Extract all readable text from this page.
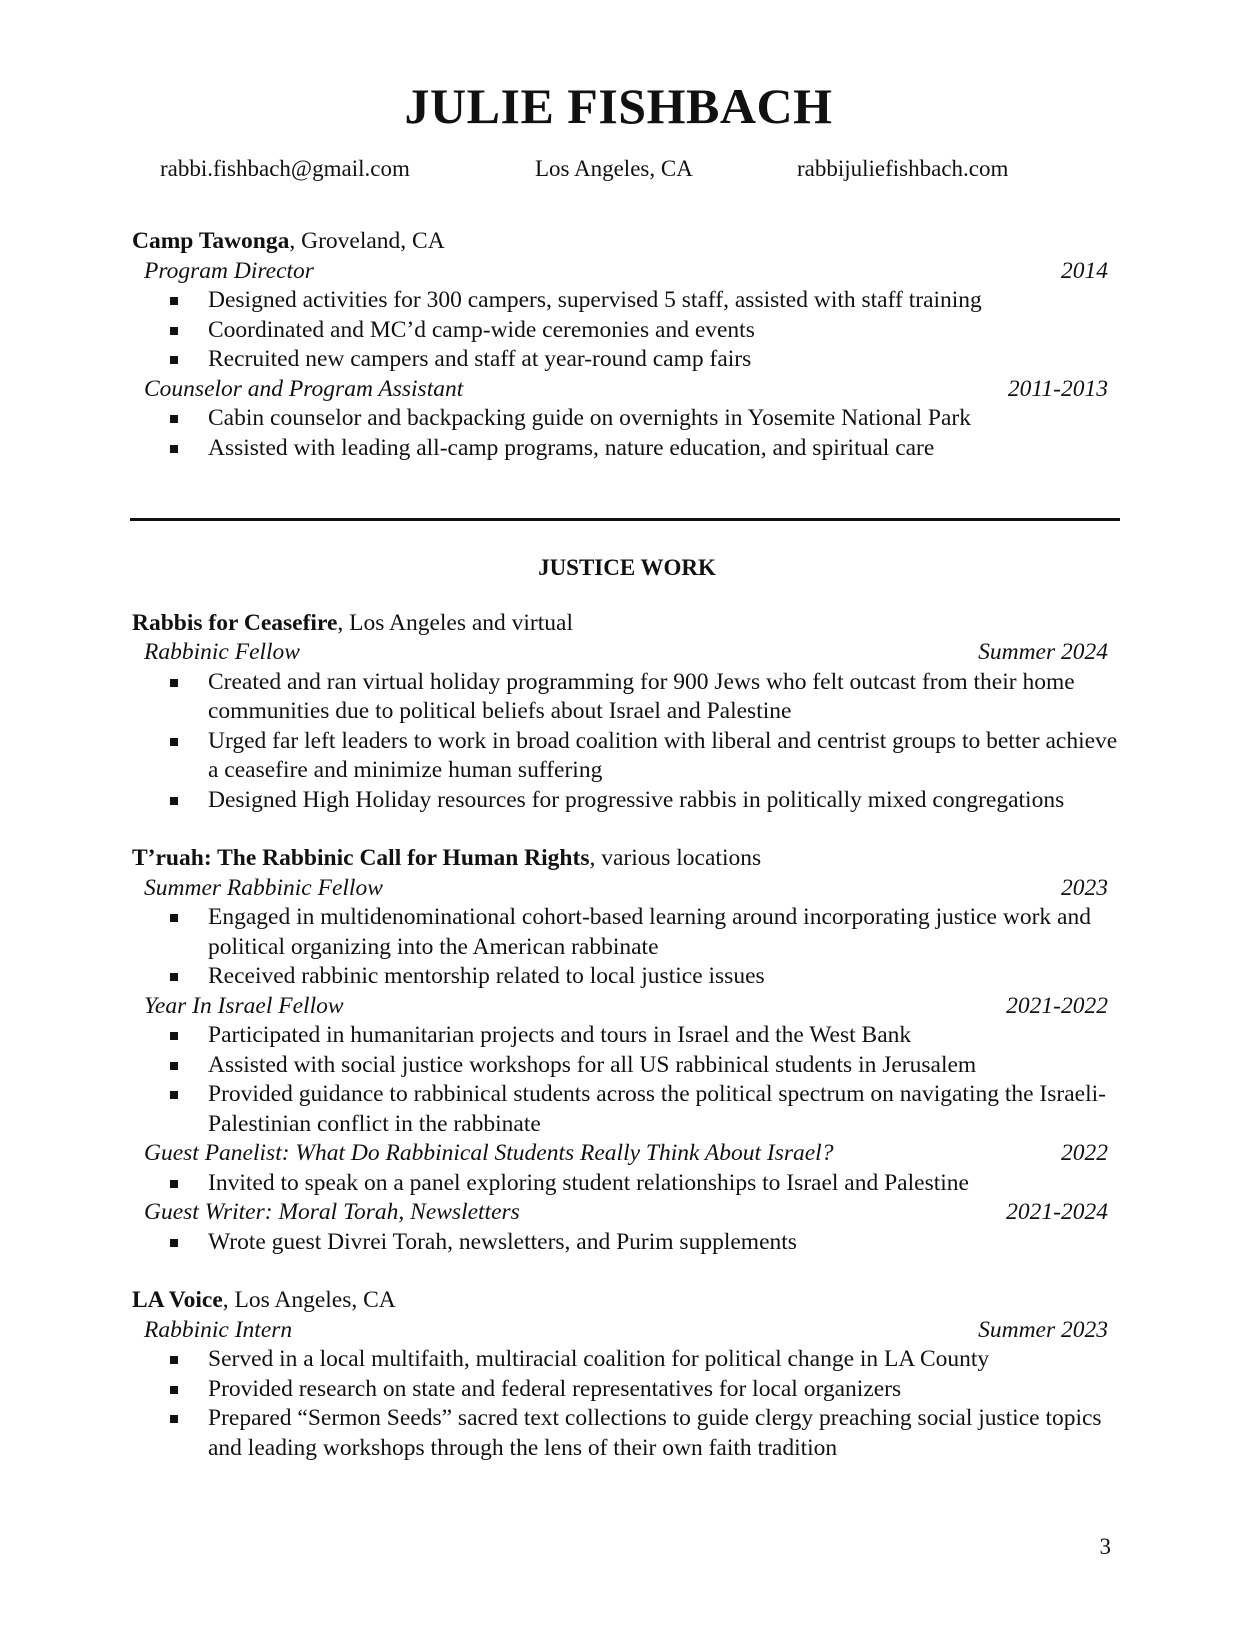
JULIE FISHBACH
rabbi.fishbach@gmail.com	Los Angeles, CA	rabbijuliefishbach.com
Camp Tawonga, Groveland, CA
Program Director	2014
Designed activities for 300 campers, supervised 5 staff, assisted with staff training
Coordinated and MC’d camp-wide ceremonies and events
Recruited new campers and staff at year-round camp fairs
Counselor and Program Assistant	2011-2013
Cabin counselor and backpacking guide on overnights in Yosemite National Park
Assisted with leading all-camp programs, nature education, and spiritual care
JUSTICE WORK
Rabbis for Ceasefire, Los Angeles and virtual
Rabbinic Fellow	Summer 2024
Created and ran virtual holiday programming for 900 Jews who felt outcast from their home communities due to political beliefs about Israel and Palestine
Urged far left leaders to work in broad coalition with liberal and centrist groups to better achieve a ceasefire and minimize human suffering
Designed High Holiday resources for progressive rabbis in politically mixed congregations
T’ruah: The Rabbinic Call for Human Rights, various locations
Summer Rabbinic Fellow	2023
Engaged in multidenominational cohort-based learning around incorporating justice work and political organizing into the American rabbinate
Received rabbinic mentorship related to local justice issues
Year In Israel Fellow	2021-2022
Participated in humanitarian projects and tours in Israel and the West Bank
Assisted with social justice workshops for all US rabbinical students in Jerusalem
Provided guidance to rabbinical students across the political spectrum on navigating the Israeli-Palestinian conflict in the rabbinate
Guest Panelist: What Do Rabbinical Students Really Think About Israel?	2022
Invited to speak on a panel exploring student relationships to Israel and Palestine
Guest Writer: Moral Torah, Newsletters	2021-2024
Wrote guest Divrei Torah, newsletters, and Purim supplements
LA Voice, Los Angeles, CA
Rabbinic Intern	Summer 2023
Served in a local multifaith, multiracial coalition for political change in LA County
Provided research on state and federal representatives for local organizers
Prepared “Sermon Seeds” sacred text collections to guide clergy preaching social justice topics and leading workshops through the lens of their own faith tradition
3
